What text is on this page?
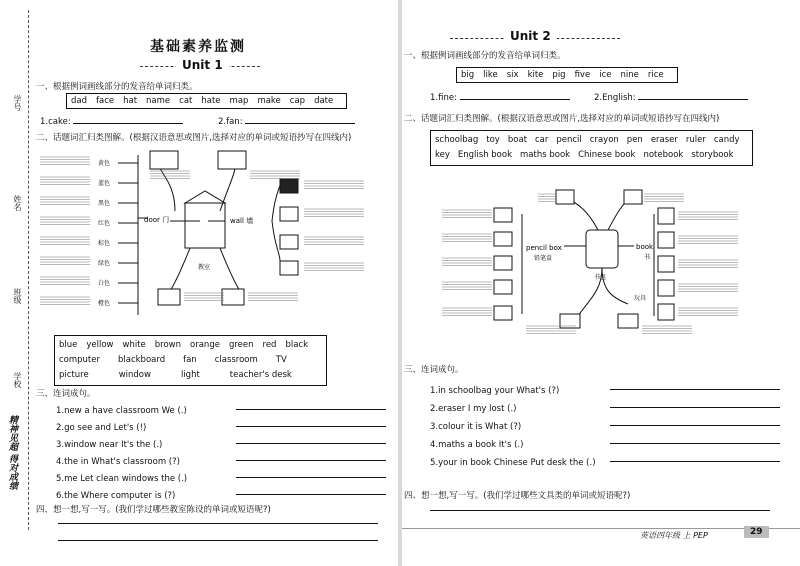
学号
姓名
班级
学校
精神见超 得对成绩
基础素养监测
Unit 1
一、根据例词画线部分的发音给单词归类。
dad face hat name cat hate map make cap date
1.cake:	2.fan:
二、话题词汇归类图解。(根据汉语意思或图片,选择对应的单词或短语抄写在四线内)
黄色
蓝色
黑色
红色
棕色
绿色
白色
橙色
door 门	wall 墙
教室
blue yellow white brown orange green red black
computer blackboard fan classroom TV
picture	window	light	teacher's desk
三、连词成句。
1.new a have classroom We (.)
2.go see and Let's (!)
3.window near It's the (.)
4.the in What's classroom (?)
5.me Let clean windows the (.)
6.the Where computer is (?)
四、想一想,写一写。(我们学过哪些教室陈设的单词或短语呢?)
Unit 2
一、根据例词画线部分的发音给单词归类。
big like six kite pig five ice nine rice
1.fine:	2.English:
二、话题词汇归类图解。(根据汉语意思或图片,选择对应的单词或短语抄写在四线内)
schoolbag toy boat car pencil crayon pen eraser ruler candy
key English book maths book Chinese book notebook storybook
pencil box
铅笔盒
书包
book
书
玩具
三、连词成句。
1.in schoolbag your What's (?)
2.eraser I my lost (.)
3.colour it is What (?)
4.maths a book It's (.)
5.your in book Chinese Put desk the (.)
四、想一想,写一写。(我们学过哪些文具类的单词或短语呢?)
英语四年级 上 PEP	29
